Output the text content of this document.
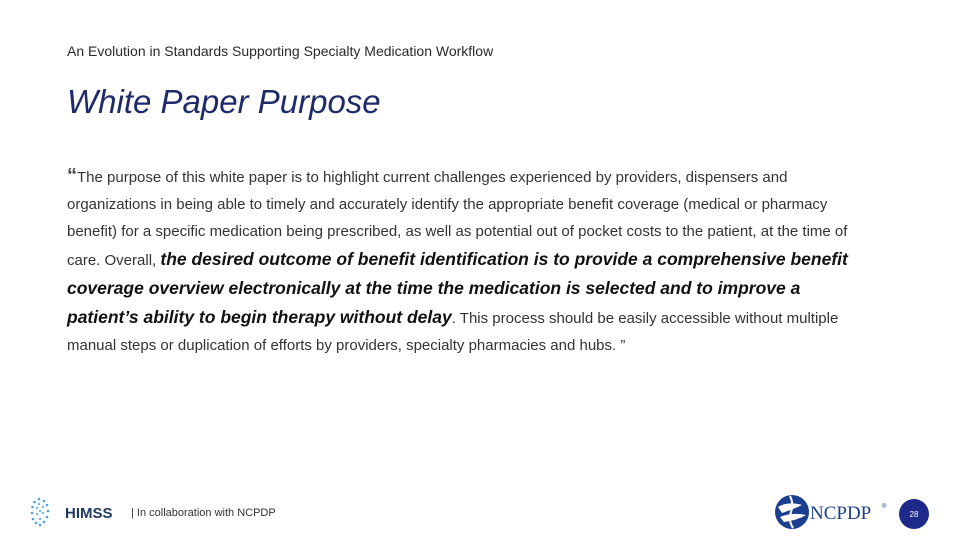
An Evolution in Standards Supporting Specialty Medication Workflow
White Paper Purpose

“The purpose of this white paper is to highlight current challenges experienced by providers, dispensers and organizations in being able to timely and accurately identify the appropriate benefit coverage (medical or pharmacy benefit) for a specific medication being prescribed, as well as potential out of pocket costs to the patient, at the time of care. Overall, the desired outcome of benefit identification is to provide a comprehensive benefit coverage overview electronically at the time the medication is selected and to improve a patient’s ability to begin therapy without delay. This process should be easily accessible without multiple manual steps or duplication of efforts by providers, specialty pharmacies and hubs. ”

HIMSS | In collaboration with NCPDP	NCPDP ®
28
